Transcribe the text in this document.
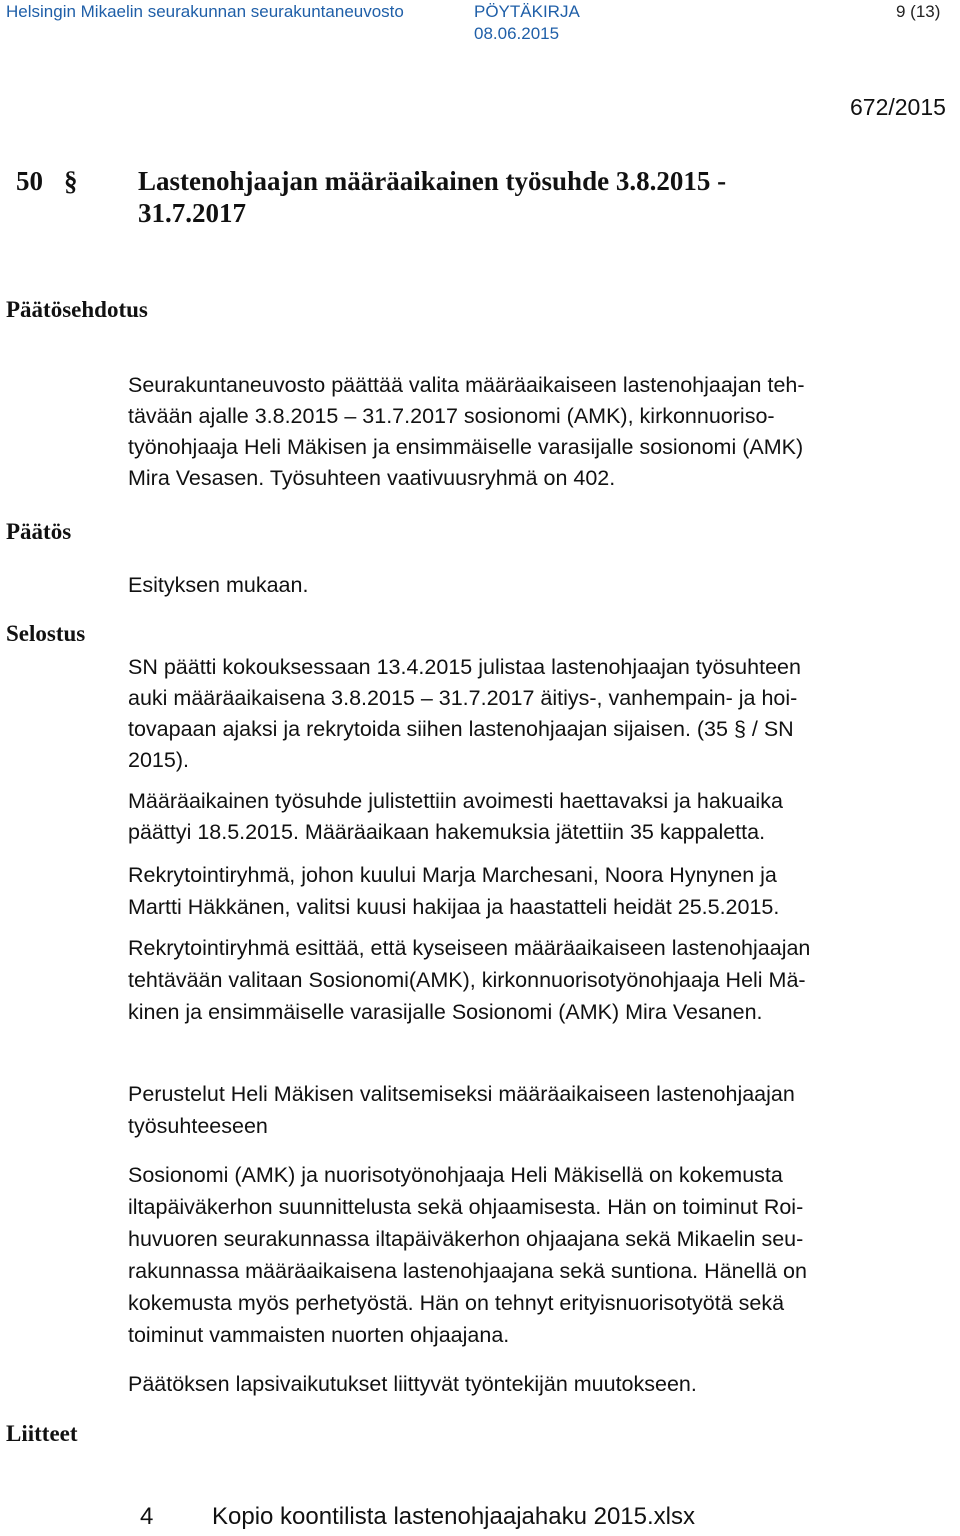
Helsingin Mikaelin seurakunnan seurakuntaneuvosto	PÖYTÄKIRJA
08.06.2015
9 (13)
672/2015
50 § Lastenohjaajan määräaikainen työsuhde 3.8.2015 -
31.7.2017
Päätösehdotus
Päätös
Selostus
Liitteet

Seurakuntaneuvosto päättää valita määräaikaiseen lastenohjaajan teh-

tävään ajalle 3.8.2015 – 31.7.2017 sosionomi (AMK), kirkonnuoriso-

työnohjaaja Heli Mäkisen ja ensimmäiselle varasijalle sosionomi (AMK)

Mira Vesasen. Työsuhteen vaativuusryhmä on 402.

Esityksen mukaan.

SN päätti kokouksessaan 13.4.2015 julistaa lastenohjaajan työsuhteen

auki määräaikaisena 3.8.2015 – 31.7.2017 äitiys-, vanhempain- ja hoi-

tovapaan ajaksi ja rekrytoida siihen lastenohjaajan sijaisen. (35 § / SN

2015).

Määräaikainen työsuhde julistettiin avoimesti haettavaksi ja hakuaika

päättyi 18.5.2015. Määräaikaan hakemuksia jätettiin 35 kappaletta.

Rekrytointiryhmä, johon kuului Marja Marchesani, Noora Hynynen ja

Martti Häkkänen, valitsi kuusi hakijaa ja haastatteli heidät 25.5.2015.

Rekrytointiryhmä esittää, että kyseiseen määräaikaiseen lastenohjaajan

tehtävään valitaan Sosionomi(AMK), kirkonnuorisotyönohjaaja Heli Mä-

kinen ja ensimmäiselle varasijalle Sosionomi (AMK) Mira Vesanen.

Perustelut Heli Mäkisen valitsemiseksi määräaikaiseen lastenohjaajan

työsuhteeseen

Sosionomi (AMK) ja nuorisotyönohjaaja Heli Mäkisellä on kokemusta

iltapäiväkerhon suunnittelusta sekä ohjaamisesta. Hän on toiminut Roi-

huvuoren seurakunnassa iltapäiväkerhon ohjaajana sekä Mikaelin seu-

rakunnassa määräaikaisena lastenohjaajana sekä suntiona. Hänellä on

kokemusta myös perhetyöstä. Hän on tehnyt erityisnuorisotyötä sekä

toiminut vammaisten nuorten ohjaajana.

Päätöksen lapsivaikutukset liittyvät työntekijän muutokseen.

4 Kopio koontilista lastenohjaajahaku 2015.xlsx
